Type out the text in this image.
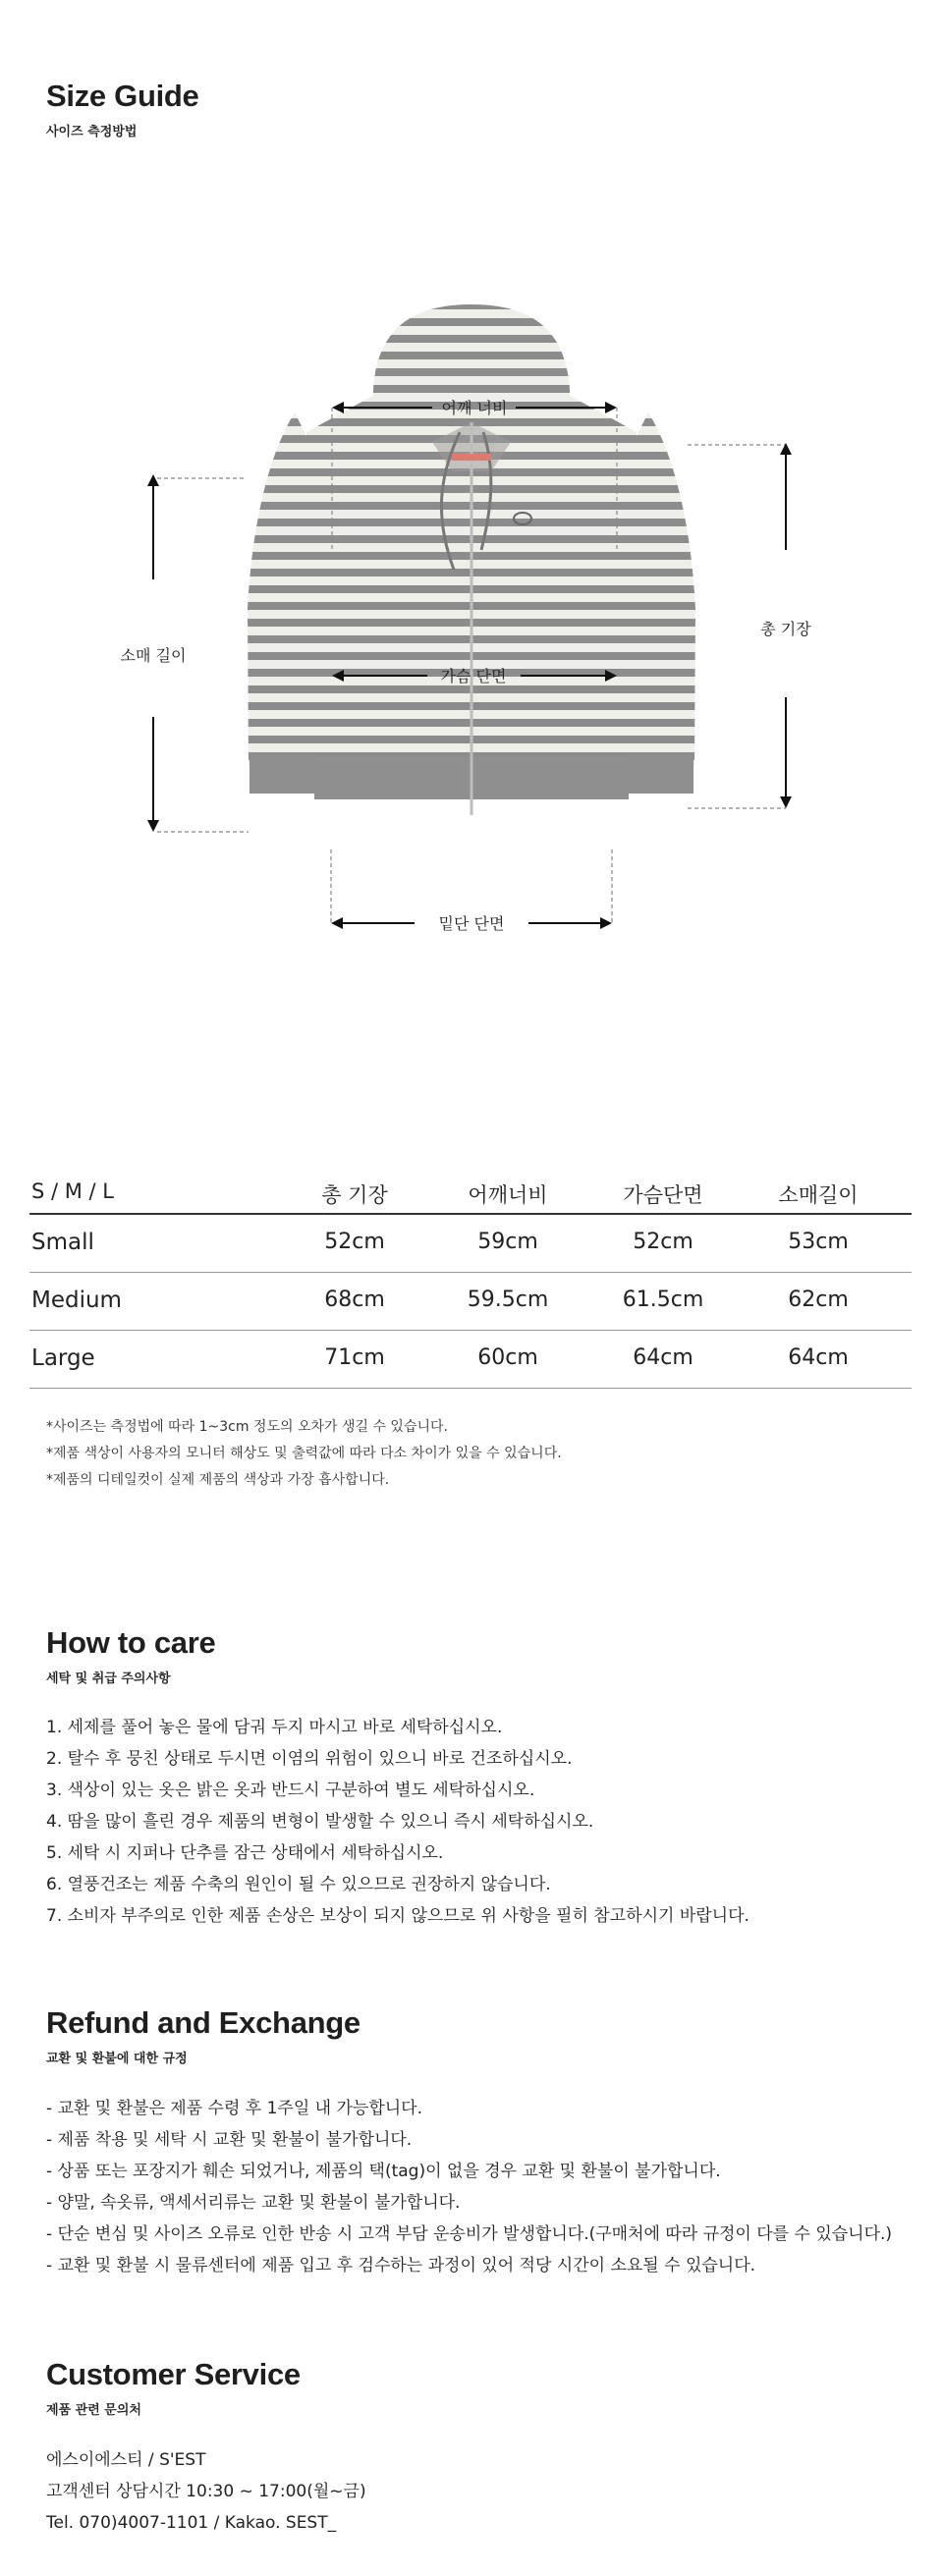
Size Guide
사이즈 측정방법
어깨 너비
가슴 단면
소매 길이
총 기장
밑단 단면
S / M / L	총 기장	어깨너비	가슴단면	소매길이
Small	52cm	59cm	52cm	53cm
Medium	68cm	59.5cm	61.5cm	62cm
Large	71cm	60cm	64cm	64cm
*사이즈는 측정법에 따라 1~3cm 정도의 오차가 생길 수 있습니다.
*제품 색상이 사용자의 모니터 해상도 및 출력값에 따라 다소 차이가 있을 수 있습니다.
*제품의 디테일컷이 실제 제품의 색상과 가장 흡사합니다.
How to care
세탁 및 취급 주의사항
1. 세제를 풀어 놓은 물에 담궈 두지 마시고 바로 세탁하십시오.
2. 탈수 후 뭉친 상태로 두시면 이염의 위험이 있으니 바로 건조하십시오.
3. 색상이 있는 옷은 밝은 옷과 반드시 구분하여 별도 세탁하십시오.
4. 땀을 많이 흘린 경우 제품의 변형이 발생할 수 있으니 즉시 세탁하십시오.
5. 세탁 시 지퍼나 단추를 잠근 상태에서 세탁하십시오.
6. 열풍건조는 제품 수축의 원인이 될 수 있으므로 권장하지 않습니다.
7. 소비자 부주의로 인한 제품 손상은 보상이 되지 않으므로 위 사항을 필히 참고하시기 바랍니다.
Refund and Exchange
교환 및 환불에 대한 규정
- 교환 및 환불은 제품 수령 후 1주일 내 가능합니다.
- 제품 착용 및 세탁 시 교환 및 환불이 불가합니다.
- 상품 또는 포장지가 훼손 되었거나, 제품의 택(tag)이 없을 경우 교환 및 환불이 불가합니다.
- 양말, 속옷류, 액세서리류는 교환 및 환불이 불가합니다.
- 단순 변심 및 사이즈 오류로 인한 반송 시 고객 부담 운송비가 발생합니다.(구매처에 따라 규정이 다를 수 있습니다.)
- 교환 및 환불 시 물류센터에 제품 입고 후 검수하는 과정이 있어 적당 시간이 소요될 수 있습니다.
Customer Service
제품 관련 문의처
에스이에스티 / S'EST
고객센터 상담시간 10:30 ~ 17:00(월~금)
Tel. 070)4007-1101 / Kakao. SEST_
